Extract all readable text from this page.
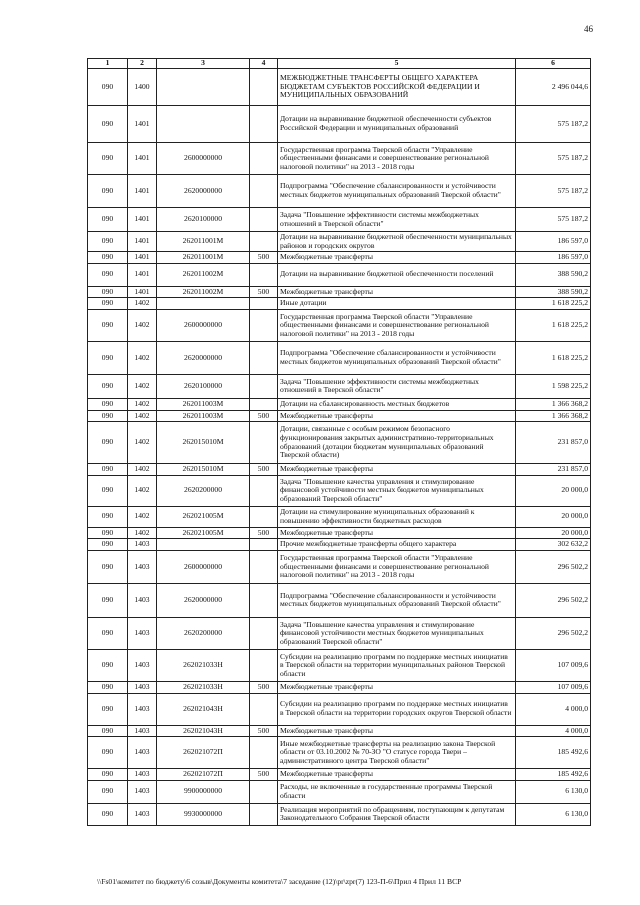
46
1	2	3	4	5	6
090	1400			МЕЖБЮДЖЕТНЫЕ ТРАНСФЕРТЫ ОБЩЕГО ХАРАКТЕРА БЮДЖЕТАМ СУБЪЕКТОВ РОССИЙСКОЙ ФЕДЕРАЦИИ И МУНИЦИПАЛЬНЫХ ОБРАЗОВАНИЙ	2 496 044,6
090	1401			Дотации на выравнивание бюджетной обеспеченности субъектов Российской Федерации и муниципальных образований	575 187,2
090	1401	2600000000		Государственная программа Тверской области "Управление общественными финансами и совершенствование региональной налоговой политики" на 2013 - 2018 годы	575 187,2
090	1401	2620000000		Подпрограмма "Обеспечение сбалансированности и устойчивости местных бюджетов муниципальных образований Тверской области"	575 187,2
090	1401	2620100000		Задача "Повышение эффективности системы межбюджетных отношений в Тверской области"	575 187,2
090	1401	262011001М		Дотации на выравнивание бюджетной обеспеченности муниципальных районов и городских округов	186 597,0
090	1401	262011001М	500	Межбюджетные трансферты	186 597,0
090	1401	262011002М		Дотации на выравнивание бюджетной обеспеченности поселений	388 590,2
090	1401	262011002М	500	Межбюджетные трансферты	388 590,2
090	1402			Иные дотации	1 618 225,2
090	1402	2600000000		Государственная программа Тверской области "Управление общественными финансами и совершенствование региональной налоговой политики" на 2013 - 2018 годы	1 618 225,2
090	1402	2620000000		Подпрограмма "Обеспечение сбалансированности и устойчивости местных бюджетов муниципальных образований Тверской области"	1 618 225,2
090	1402	2620100000		Задача "Повышение эффективности системы межбюджетных отношений в Тверской области"	1 598 225,2
090	1402	262011003М		Дотации на сбалансированность местных бюджетов	1 366 368,2
090	1402	262011003М	500	Межбюджетные трансферты	1 366 368,2
090	1402	262015010М		Дотации, связанные с особым режимом безопасного функционирования закрытых административно-территориальных образований (дотации бюджетам муниципальных образований Тверской области)	231 857,0
090	1402	262015010М	500	Межбюджетные трансферты	231 857,0
090	1402	2620200000		Задача "Повышение качества управления и стимулирование финансовой устойчивости местных бюджетов муниципальных образований Тверской области"	20 000,0
090	1402	262021005М		Дотации на стимулирование муниципальных образований к повышению эффективности бюджетных расходов	20 000,0
090	1402	262021005М	500	Межбюджетные трансферты	20 000,0
090	1403			Прочие межбюджетные трансферты общего характера	302 632,2
090	1403	2600000000		Государственная программа Тверской области "Управление общественными финансами и совершенствование региональной налоговой политики" на 2013 - 2018 годы	296 502,2
090	1403	2620000000		Подпрограмма "Обеспечение сбалансированности и устойчивости местных бюджетов муниципальных образований Тверской области"	296 502,2
090	1403	2620200000		Задача "Повышение качества управления и стимулирование финансовой устойчивости местных бюджетов муниципальных образований Тверской области"	296 502,2
090	1403	262021033Н		Субсидии на реализацию программ по поддержке местных инициатив в Тверской области на территории муниципальных районов Тверской области	107 009,6
090	1403	262021033Н	500	Межбюджетные трансферты	107 009,6
090	1403	262021043Н		Субсидии на реализацию программ по поддержке местных инициатив в Тверской области на территории городских округов Тверской области	4 000,0
090	1403	262021043Н	500	Межбюджетные трансферты	4 000,0
090	1403	262021072П		Иные межбюджетные трансферты на реализацию закона Тверской области от 03.10.2002 № 70-ЗО "О статусе города Твери – административного центра Тверской области"	185 492,6
090	1403	262021072П	500	Межбюджетные трансферты	185 492,6
090	1403	9900000000		Расходы, не включенные в государственные программы Тверской области	6 130,0
090	1403	9930000000		Реализация мероприятий по обращениям, поступающим к депутатам Законодательного Собрания Тверской области	6 130,0
\\Fs01\комитет по бюджету\6 созыв\Документы комитета\7 заседание (12)\pr\zpr(7) 123-П-6\Прил 4 Прил 11 ВСР
